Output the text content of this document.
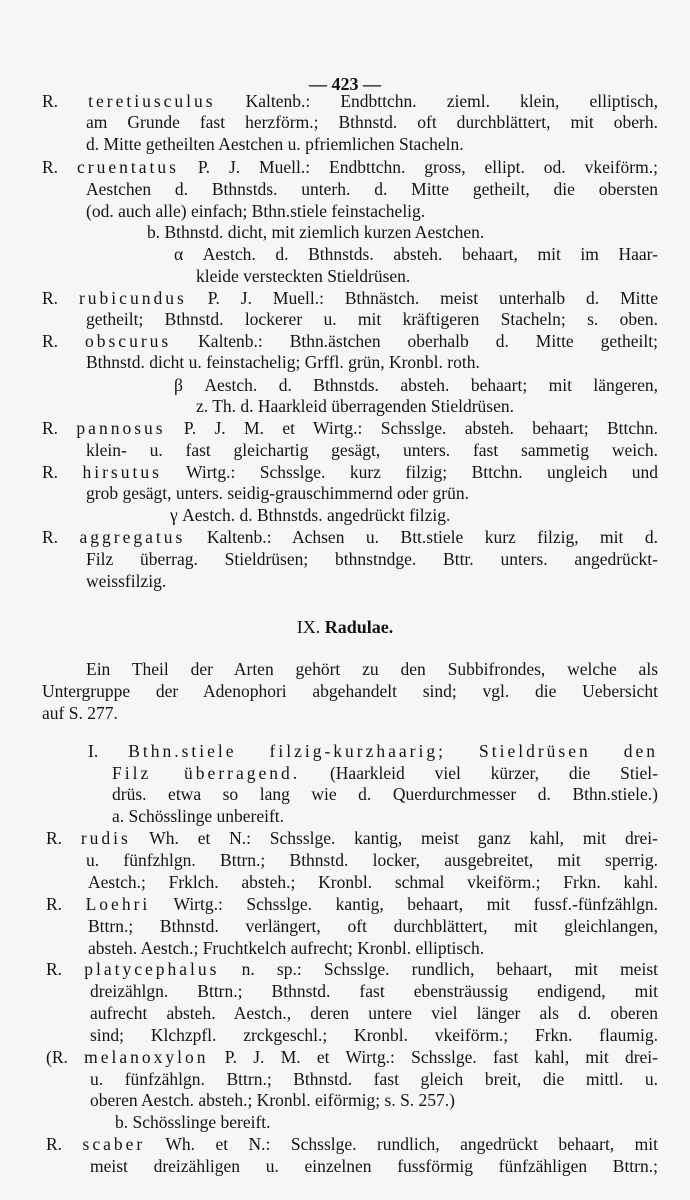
— 423 —
IX. Radulae.
R. teretiusculus Kaltenb.: Endbttchn. zieml. klein, elliptisch,
am Grunde fast herzförm.; Bthnstd. oft durchblättert, mit oberh.
d. Mitte getheilten Aestchen u. pfriemlichen Stacheln.
R. cruentatus P. J. Muell.: Endbttchn. gross, ellipt. od. vkeiförm.;
Aestchen d. Bthnstds. unterh. d. Mitte getheilt, die obersten
(od. auch alle) einfach; Bthn.stiele feinstachelig.
b. Bthnstd. dicht, mit ziemlich kurzen Aestchen.
α Aestch. d. Bthnstds. absteh. behaart, mit im Haar-
kleide versteckten Stieldrüsen.
R. rubicundus P. J. Muell.: Bthnästch. meist unterhalb d. Mitte
getheilt; Bthnstd. lockerer u. mit kräftigeren Stacheln; s. oben.
R. obscurus Kaltenb.: Bthn.ästchen oberhalb d. Mitte getheilt;
Bthnstd. dicht u. feinstachelig; Grffl. grün, Kronbl. roth.
β Aestch. d. Bthnstds. absteh. behaart; mit längeren,
z. Th. d. Haarkleid überragenden Stieldrüsen.
R. pannosus P. J. M. et Wirtg.: Schsslge. absteh. behaart; Bttchn.
klein- u. fast gleichartig gesägt, unters. fast sammetig weich.
R. hirsutus Wirtg.: Schsslge. kurz filzig; Bttchn. ungleich und
grob gesägt, unters. seidig-grauschimmernd oder grün.
γ Aestch. d. Bthnstds. angedrückt filzig.
R. aggregatus Kaltenb.: Achsen u. Btt.stiele kurz filzig, mit d.
Filz überrag. Stieldrüsen; bthnstndge. Bttr. unters. angedrückt-
weissfilzig.
Ein Theil der Arten gehört zu den Subbifrondes, welche als
Untergruppe der Adenophori abgehandelt sind; vgl. die Uebersicht
auf S. 277.
I. Bthn.stiele filzig-kurzhaarig; Stieldrüsen den
Filz überragend. (Haarkleid viel kürzer, die Stiel-
drüs. etwa so lang wie d. Querdurchmesser d. Bthn.stiele.)
a. Schösslinge unbereift.
R. rudis Wh. et N.: Schsslge. kantig, meist ganz kahl, mit drei-
u. fünfzhlgn. Bttrn.; Bthnstd. locker, ausgebreitet, mit sperrig.
Aestch.; Frklch. absteh.; Kronbl. schmal vkeiförm.; Frkn. kahl.
R. Loehri Wirtg.: Schsslge. kantig, behaart, mit fussf.-fünfzählgn.
Bttrn.; Bthnstd. verlängert, oft durchblättert, mit gleichlangen,
absteh. Aestch.; Fruchtkelch aufrecht; Kronbl. elliptisch.
R. platycephalus n. sp.: Schsslge. rundlich, behaart, mit meist
dreizählgn. Bttrn.; Bthnstd. fast ebensträussig endigend, mit
aufrecht absteh. Aestch., deren untere viel länger als d. oberen
sind; Klchzpfl. zrckgeschl.; Kronbl. vkeiförm.; Frkn. flaumig.
(R. melanoxylon P. J. M. et Wirtg.: Schsslge. fast kahl, mit drei-
u. fünfzählgn. Bttrn.; Bthnstd. fast gleich breit, die mittl. u.
oberen Aestch. absteh.; Kronbl. eiförmig; s. S. 257.)
b. Schösslinge bereift.
R. scaber Wh. et N.: Schsslge. rundlich, angedrückt behaart, mit
meist dreizähligen u. einzelnen fussförmig fünfzähligen Bttrn.;
